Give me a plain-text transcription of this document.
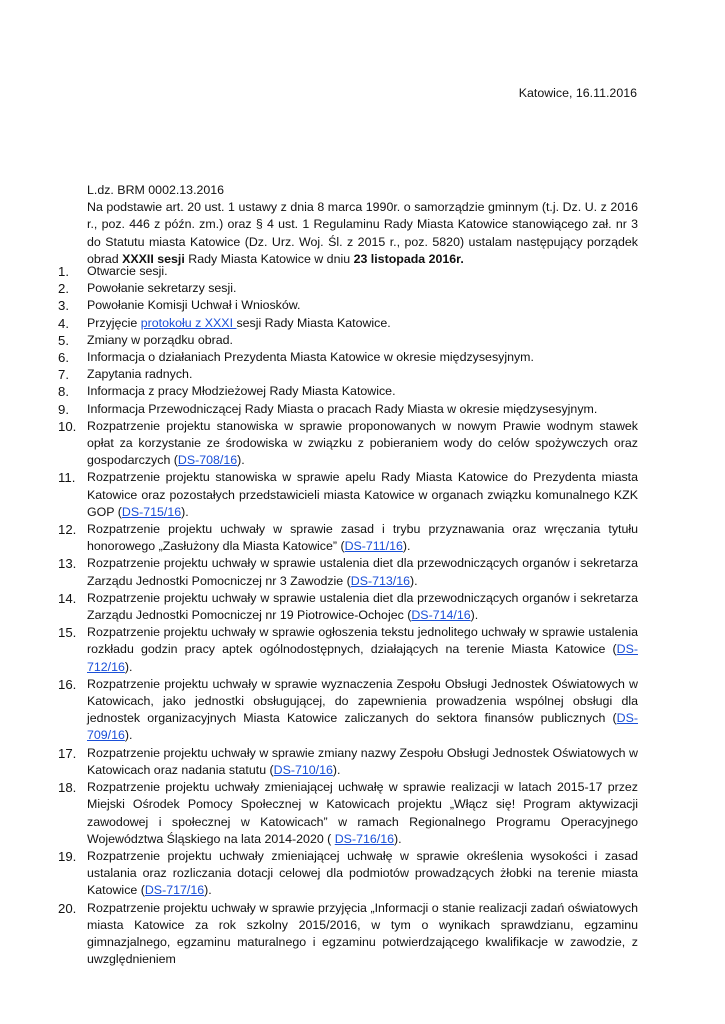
Katowice, 16.11.2016

L.dz. BRM 0002.13.2016

Na podstawie art. 20 ust. 1 ustawy z dnia 8 marca 1990r. o samorządzie gminnym (t.j. Dz. U. z 2016 r., poz. 446 z późn. zm.) oraz § 4 ust. 1 Regulaminu Rady Miasta Katowice stanowiącego zał. nr 3 do Statutu miasta Katowice (Dz. Urz. Woj. Śl. z 2015 r., poz. 5820) ustalam następujący porządek obrad XXXII sesji Rady Miasta Katowice w dniu 23 listopada 2016r.

1.	Otwarcie sesji.
2.	Powołanie sekretarzy sesji.
3.	Powołanie Komisji Uchwał i Wniosków.
4.	Przyjęcie protokołu z XXXI sesji Rady Miasta Katowice.
5.	Zmiany w porządku obrad.
6.	Informacja o działaniach Prezydenta Miasta Katowice w okresie międzysesyjnym.
7.	Zapytania radnych.
8.	Informacja z pracy Młodzieżowej Rady Miasta Katowice.
9.	Informacja Przewodniczącej Rady Miasta o pracach Rady Miasta w okresie międzysesyjnym.
10. Rozpatrzenie projektu stanowiska w sprawie proponowanych w nowym Prawie wodnym stawek opłat za korzystanie ze środowiska w związku z pobieraniem wody do celów spożywczych oraz gospodarczych (DS-708/16).
11. Rozpatrzenie projektu stanowiska w sprawie apelu Rady Miasta Katowice do Prezydenta miasta Katowice oraz pozostałych przedstawicieli miasta Katowice w organach związku komunalnego KZK GOP (DS-715/16).
12. Rozpatrzenie projektu uchwały w sprawie zasad i trybu przyznawania oraz wręczania tytułu honorowego „Zasłużony dla Miasta Katowice” (DS-711/16).
13. Rozpatrzenie projektu uchwały w sprawie ustalenia diet dla przewodniczących organów i sekretarza Zarządu Jednostki Pomocniczej nr 3 Zawodzie (DS-713/16).
14. Rozpatrzenie projektu uchwały w sprawie ustalenia diet dla przewodniczących organów i sekretarza Zarządu Jednostki Pomocniczej nr 19 Piotrowice-Ochojec (DS-714/16).
15. Rozpatrzenie projektu uchwały w sprawie ogłoszenia tekstu jednolitego uchwały w sprawie ustalenia rozkładu godzin pracy aptek ogólnodostępnych, działających na terenie Miasta Katowice (DS-712/16).
16. Rozpatrzenie projektu uchwały w sprawie wyznaczenia Zespołu Obsługi Jednostek Oświatowych w Katowicach, jako jednostki obsługującej, do zapewnienia prowadzenia wspólnej obsługi dla jednostek organizacyjnych Miasta Katowice zaliczanych do sektora finansów publicznych (DS-709/16).
17. Rozpatrzenie projektu uchwały w sprawie zmiany nazwy Zespołu Obsługi Jednostek Oświatowych w Katowicach oraz nadania statutu (DS-710/16).
18. Rozpatrzenie projektu uchwały zmieniającej uchwałę w sprawie realizacji w latach 2015-17 przez Miejski Ośrodek Pomocy Społecznej w Katowicach projektu „Włącz się! Program aktywizacji zawodowej i społecznej w Katowicach” w ramach Regionalnego Programu Operacyjnego Województwa Śląskiego na lata 2014-2020 ( DS-716/16).
19. Rozpatrzenie projektu uchwały zmieniającej uchwałę w sprawie określenia wysokości i zasad ustalania oraz rozliczania dotacji celowej dla podmiotów prowadzących żłobki na terenie miasta Katowice (DS-717/16).
20. Rozpatrzenie projektu uchwały w sprawie przyjęcia „Informacji o stanie realizacji zadań oświatowych miasta Katowice za rok szkolny 2015/2016, w tym o wynikach sprawdzianu, egzaminu gimnazjalnego, egzaminu maturalnego i egzaminu potwierdzającego kwalifikacje w zawodzie, z uwzględnieniem
